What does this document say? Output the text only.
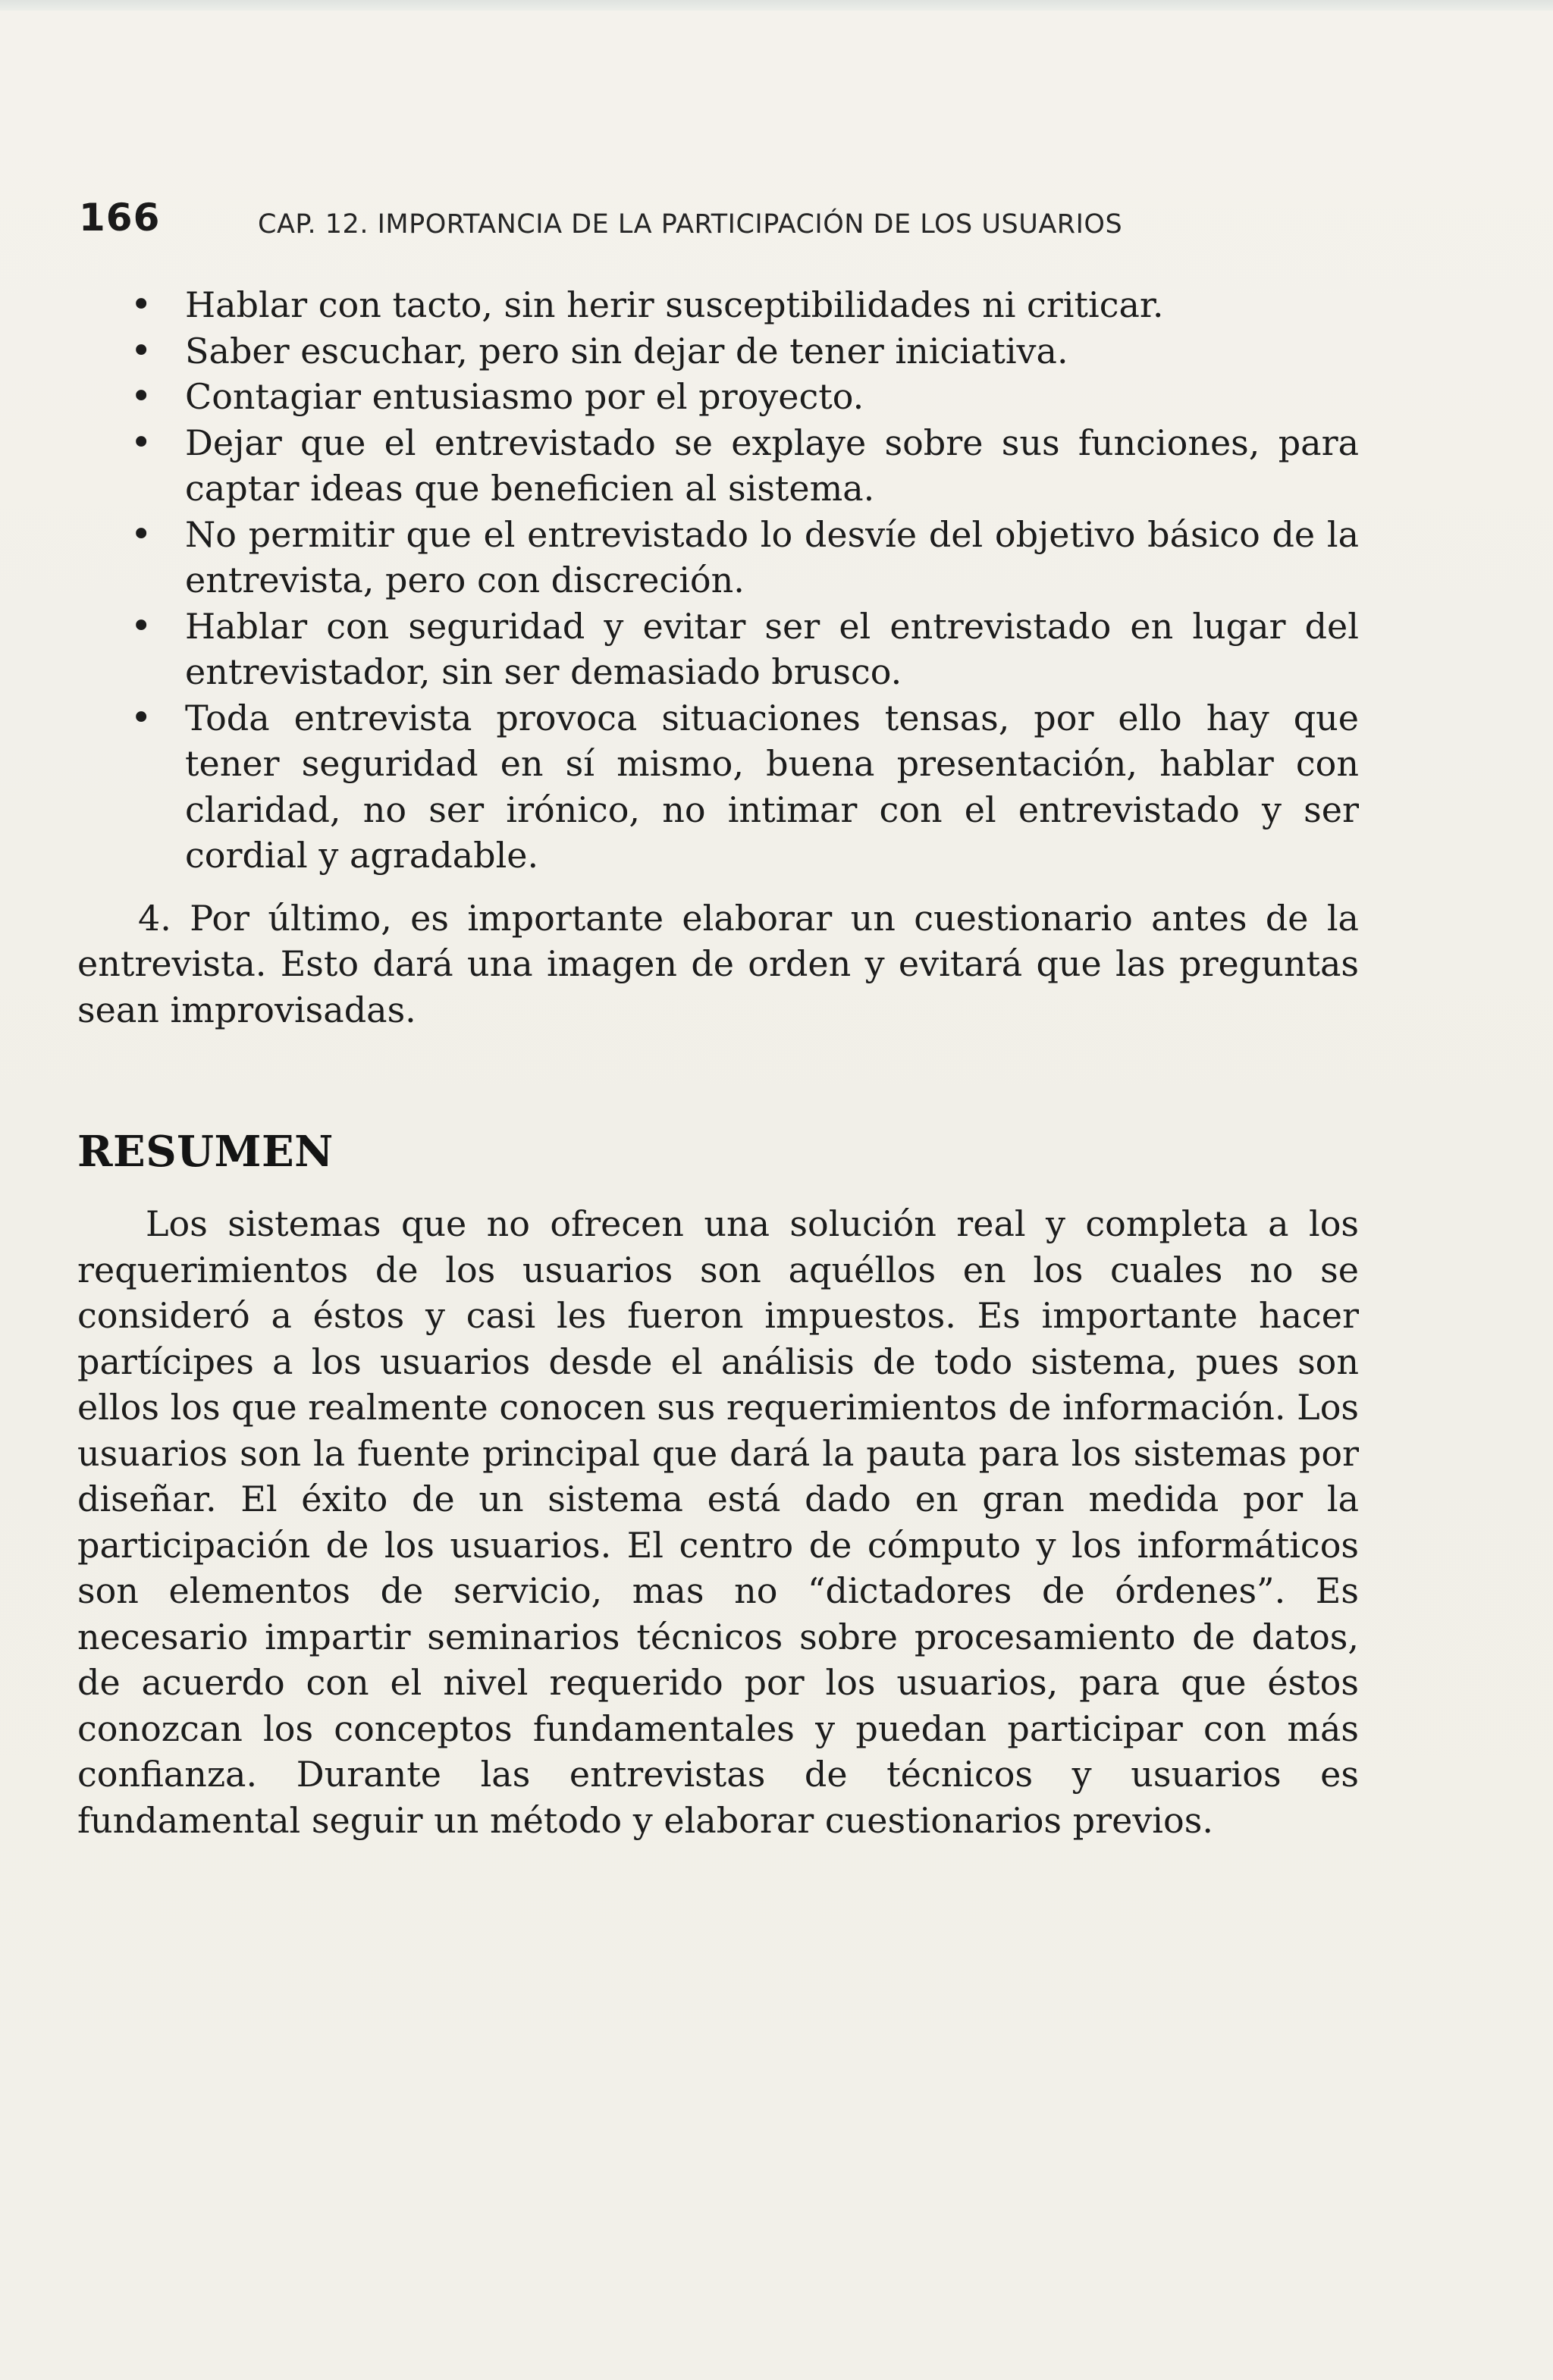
166	CAP. 12. IMPORTANCIA DE LA PARTICIPACIÓN DE LOS USUARIOS
• Hablar con tacto, sin herir susceptibilidades ni criticar.
• Saber escuchar, pero sin dejar de tener iniciativa.
• Contagiar entusiasmo por el proyecto.
• Dejar que el entrevistado se explaye sobre sus funciones, para captar ideas que beneficien al sistema.
• No permitir que el entrevistado lo desvíe del objetivo básico de la entrevista, pero con discreción.
• Hablar con seguridad y evitar ser el entrevistado en lugar del entrevistador, sin ser demasiado brusco.
• Toda entrevista provoca situaciones tensas, por ello hay que tener seguridad en sí mismo, buena presentación, hablar con claridad, no ser irónico, no intimar con el entrevistado y ser cordial y agradable.

4. Por último, es importante elaborar un cuestionario antes de la entrevista. Esto dará una imagen de orden y evitará que las preguntas sean improvisadas.

RESUMEN

Los sistemas que no ofrecen una solución real y completa a los requerimientos de los usuarios son aquéllos en los cuales no se consideró a éstos y casi les fueron impuestos. Es importante hacer partícipes a los usuarios desde el análisis de todo sistema, pues son ellos los que realmente conocen sus requerimientos de información. Los usuarios son la fuente principal que dará la pauta para los sistemas por diseñar. El éxito de un sistema está dado en gran medida por la participación de los usuarios. El centro de cómputo y los informáticos son elementos de servicio, mas no “dictadores de órdenes”. Es necesario impartir seminarios técnicos sobre procesamiento de datos, de acuerdo con el nivel requerido por los usuarios, para que éstos conozcan los conceptos fundamentales y puedan participar con más confianza. Durante las entrevistas de técnicos y usuarios es fundamental seguir un método y elaborar cuestionarios previos.
